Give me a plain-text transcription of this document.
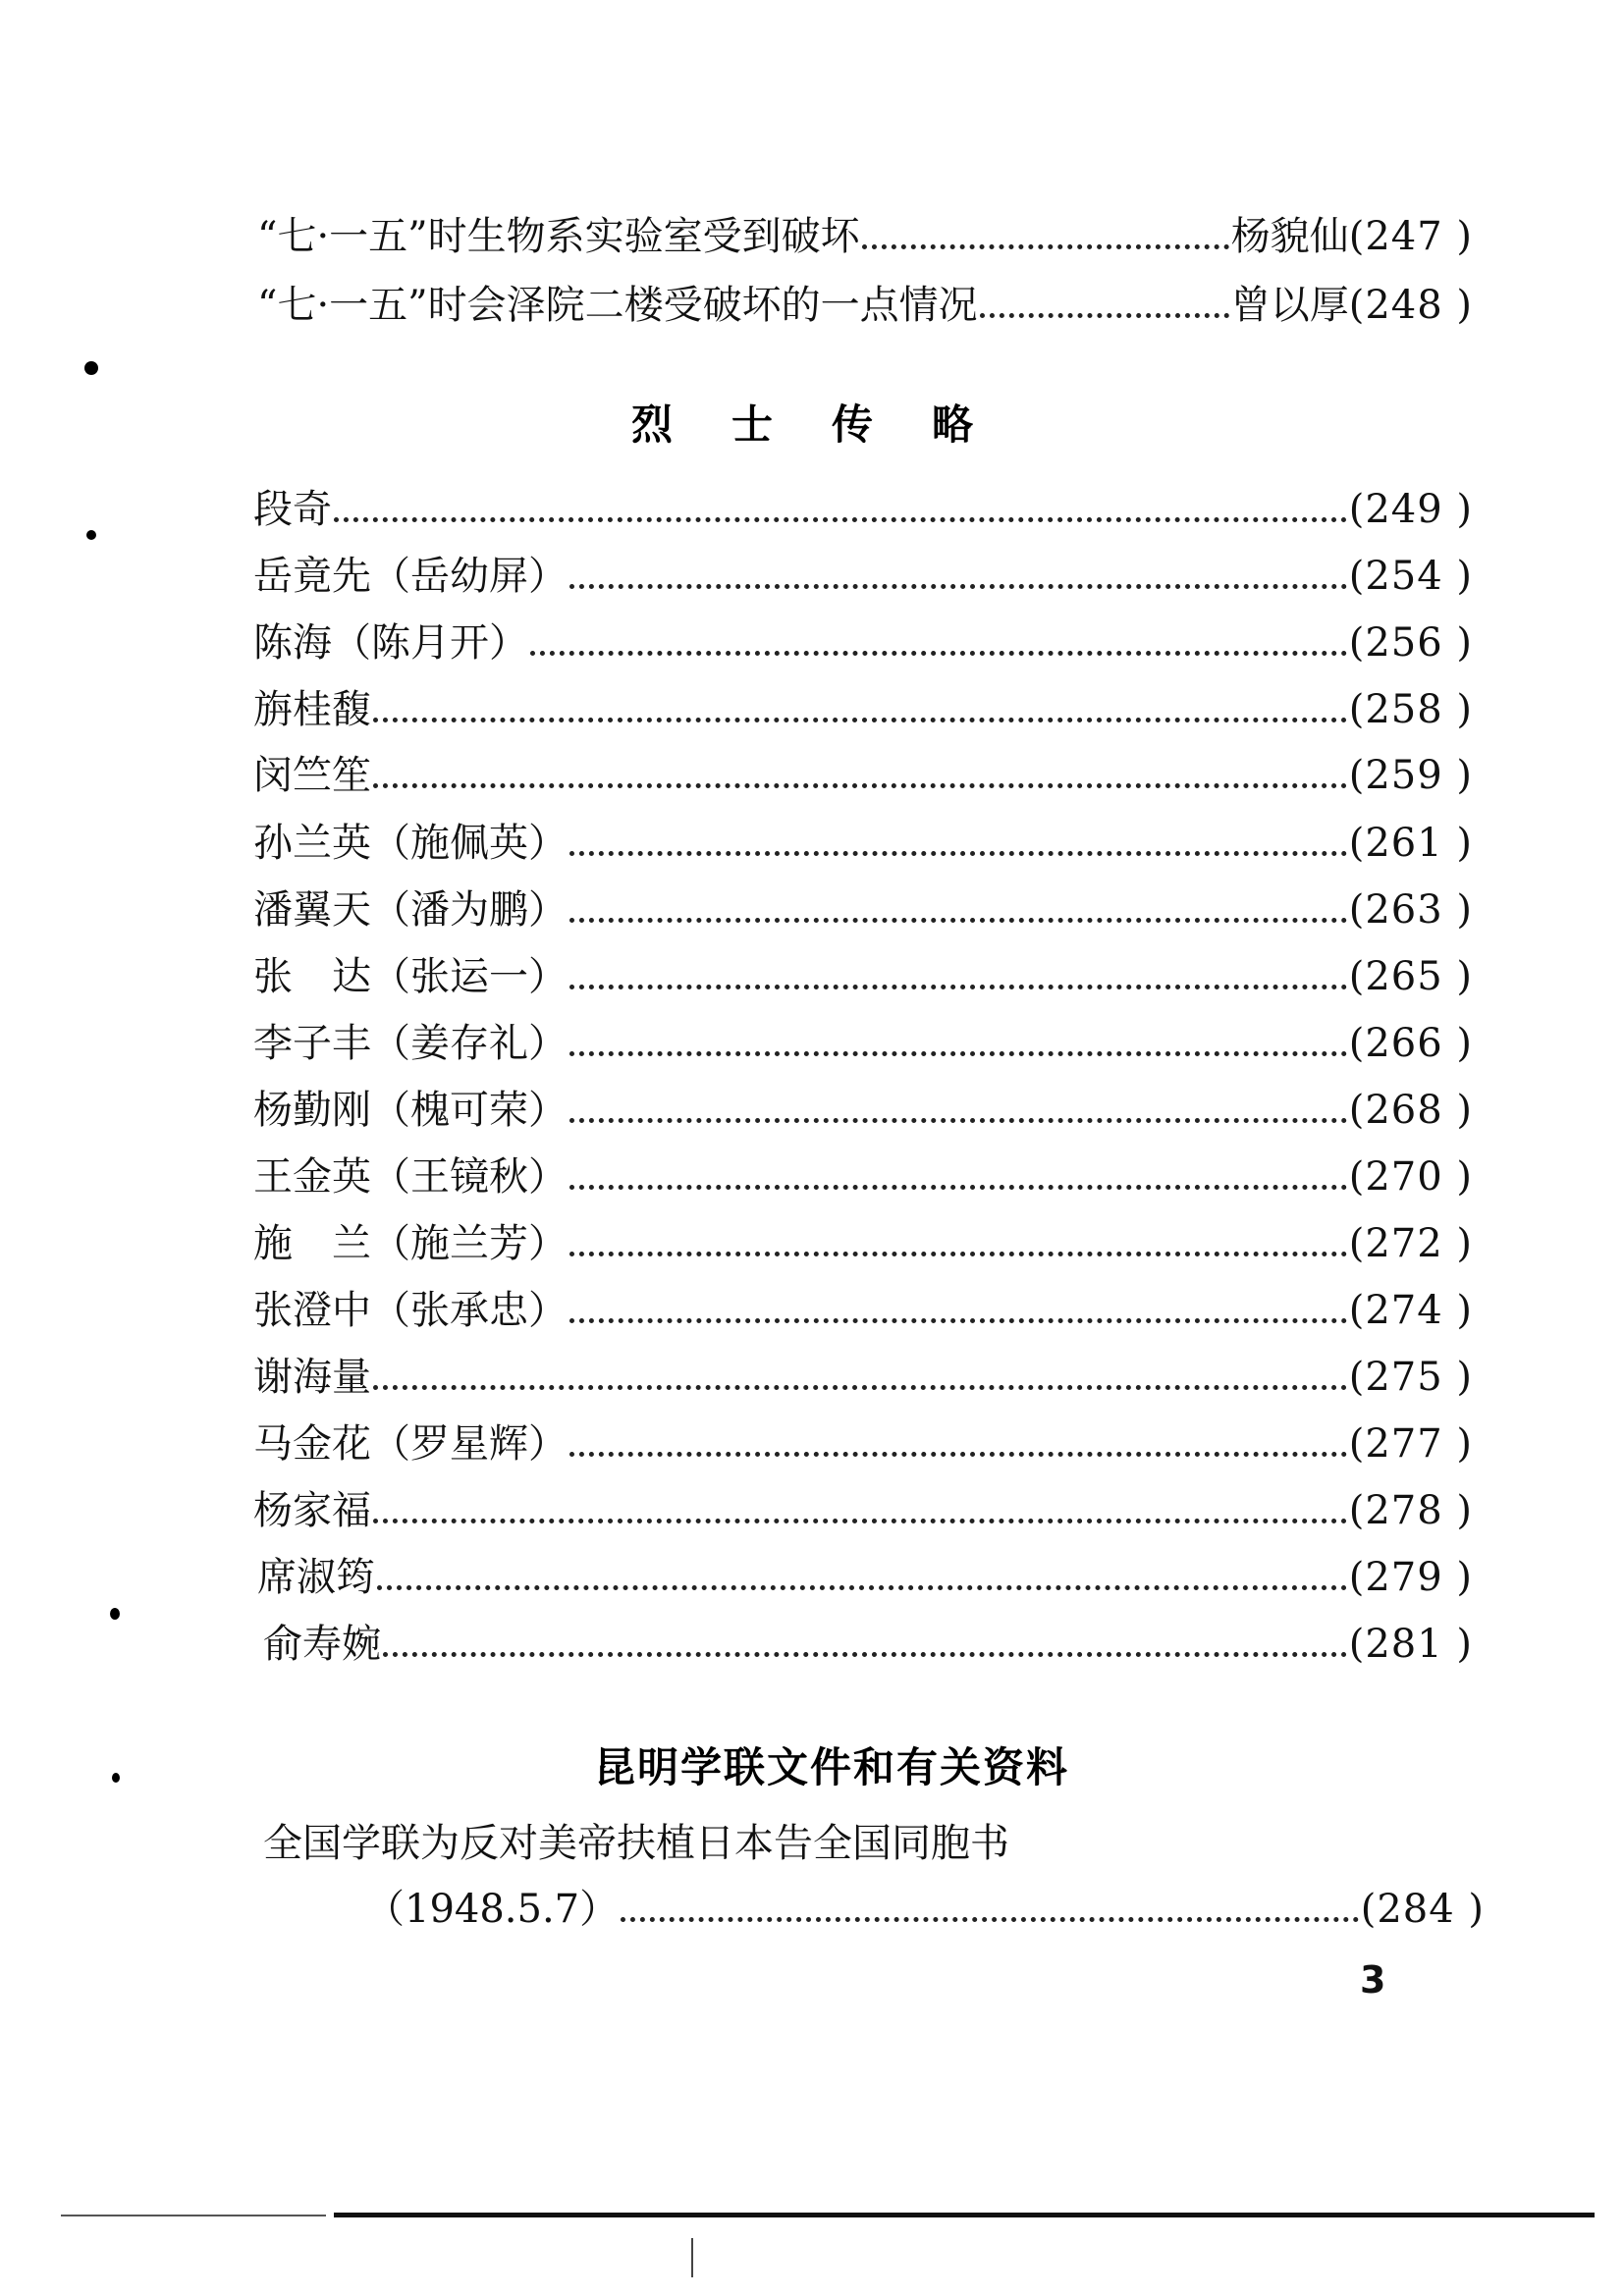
“七·一五”时生物系实验室受到破坏	杨貌仙 (247 )
“七·一五”时会泽院二楼受破坏的一点情况	曾以厚 (248 )
烈士传略
段奇	(249 )
岳竟先（岳幼屏）	(254 )
陈海（陈月开）	(256 )
旃桂馥	(258 )
闵竺笙	(259 )
孙兰英（施佩英）	(261 )
潘翼天（潘为鹏）	(263 )
张　达（张运一）	(265 )
李子丰（姜存礼）	(266 )
杨勤刚（槐可荣）	(268 )
王金英（王镜秋）	(270 )
施　兰（施兰芳）	(272 )
张澄中（张承忠）	(274 )
谢海量	(275 )
马金花（罗星辉）	(277 )
杨家福	(278 )
席淑筠	(279 )
俞寿婉	(281 )
昆明学联文件和有关资料
全国学联为反对美帝扶植日本告全国同胞书
（1948.5.7）	(284 )
3
